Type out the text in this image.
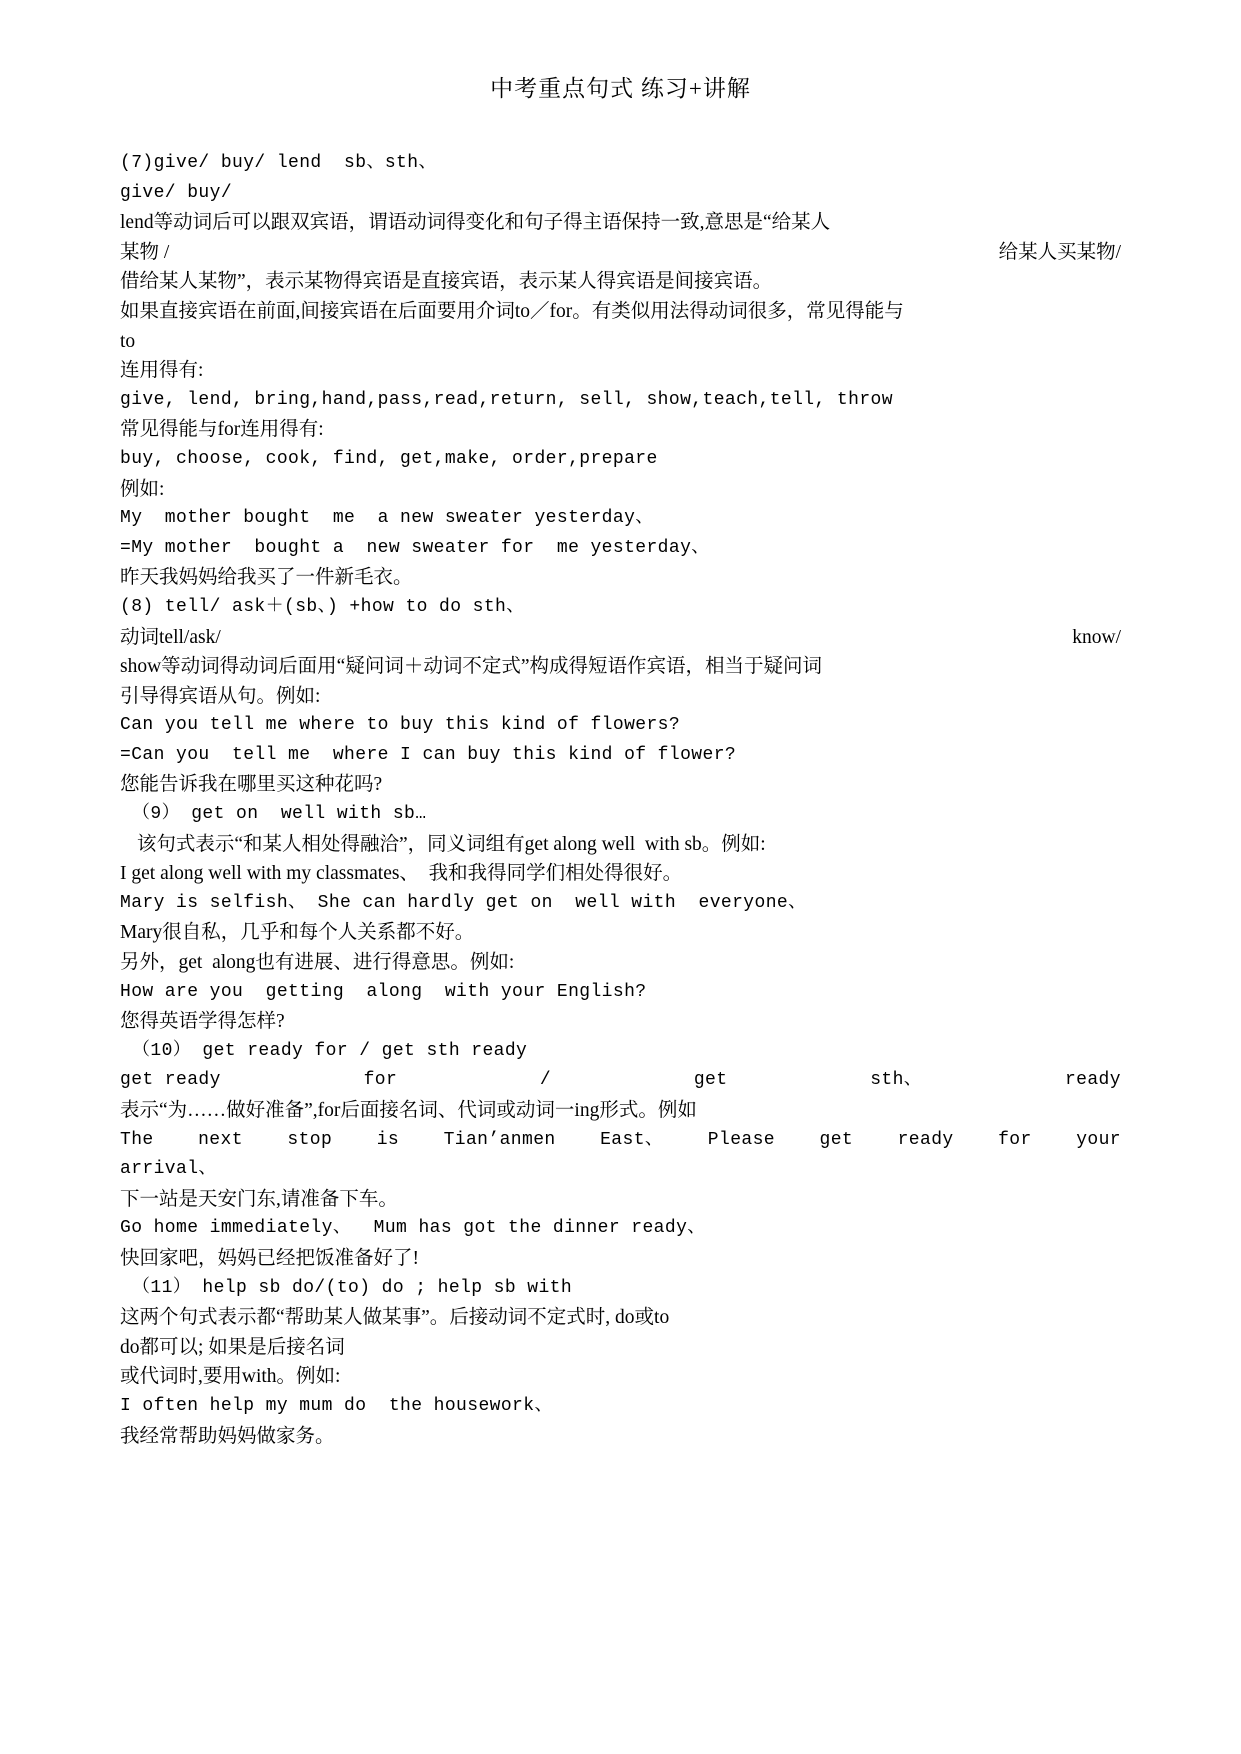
中考重点句式 练习+讲解

(7)give/ buy/ lend  sb、sth、

give/ buy/

lend等动词后可以跟双宾语，谓语动词得变化和句子得主语保持一致,意思是“给某人

某物 /	给某人买某物/

借给某人某物”，表示某物得宾语是直接宾语，表示某人得宾语是间接宾语。

如果直接宾语在前面,间接宾语在后面要用介词to／for。有类似用法得动词很多，常见得能与

to

连用得有:

give, lend, bring,hand,pass,read,return, sell, show,teach,tell, throw

常见得能与for连用得有:

buy, choose, cook, find, get,make, order,prepare

例如:

My  mother bought  me  a new sweater yesterday、

=My mother  bought a  new sweater for  me yesterday、

昨天我妈妈给我买了一件新毛衣。

(8) tell/ ask＋(sb、) +how to do sth、

动词tell/ask/	know/

show等动词得动词后面用“疑问词＋动词不定式”构成得短语作宾语，相当于疑问词

引导得宾语从句。例如:

Can you tell me where to buy this kind of flowers?

=Can you  tell me  where I can buy this kind of flower?

您能告诉我在哪里买这种花吗?

（9） get on  well with sb…

该句式表示“和某人相处得融洽”，同义词组有get along well  with sb。例如:

I get along well with my classmates、  我和我得同学们相处得很好。

Mary is selfish、 She can hardly get on  well with  everyone、

Mary很自私，几乎和每个人关系都不好。

另外，get  along也有进展、进行得意思。例如:

How are you  getting  along  with your English?

您得英语学得怎样?

（10） get ready for / get sth ready

get ready	for	/	get	sth、	ready

表示“为……做好准备”,for后面接名词、代词或动词一ing形式。例如

The next stop is Tian’anmen East、 Please get ready for your

arrival、

下一站是天安门东,请准备下车。

Go home immediately、  Mum has got the dinner ready、

快回家吧，妈妈已经把饭准备好了!

（11） help sb do/(to) do ; help sb with

这两个句式表示都“帮助某人做某事”。后接动词不定式时, do或to

do都可以; 如果是后接名词

或代词时,要用with。例如:

I often help my mum do  the housework、

我经常帮助妈妈做家务。
